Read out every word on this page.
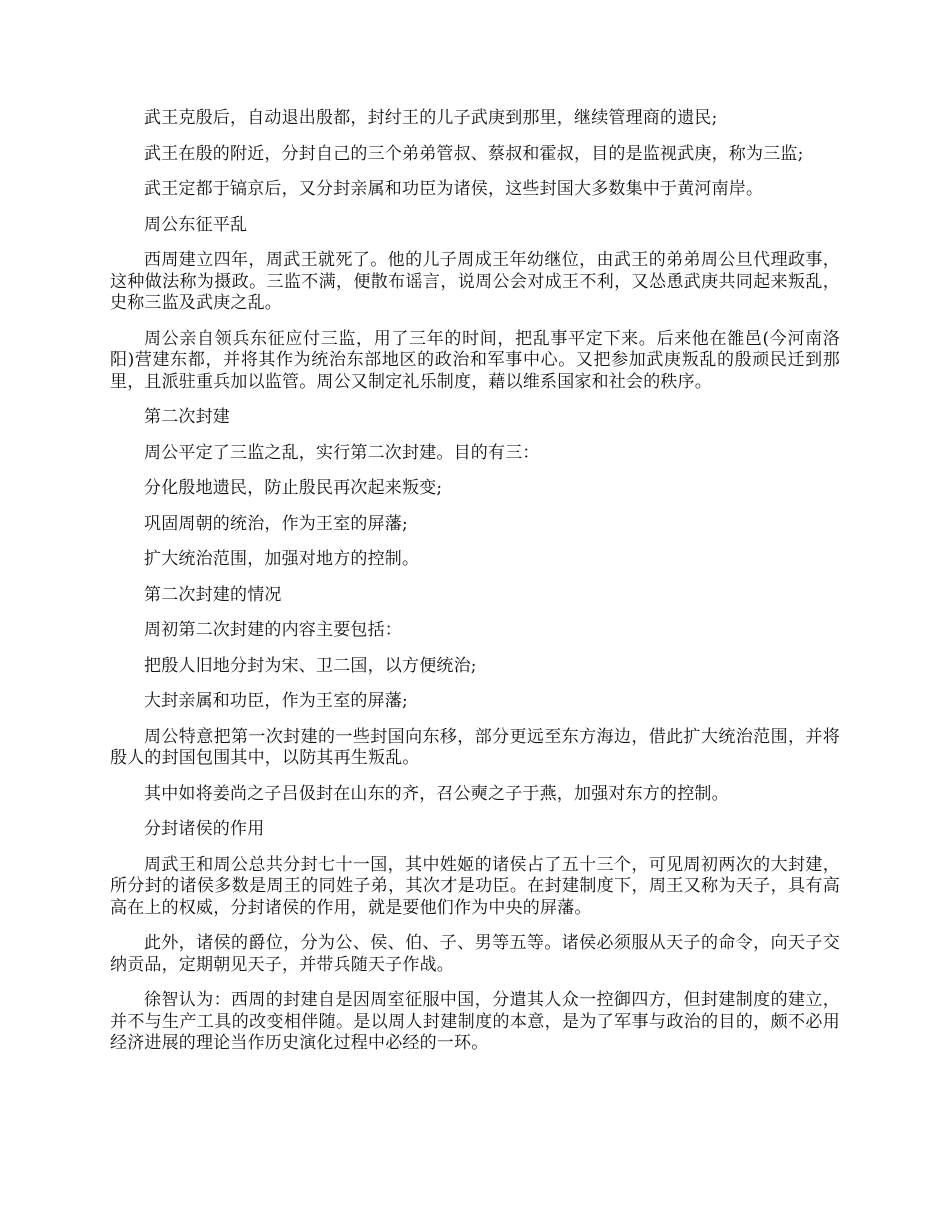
武王克殷后，自动退出殷都，封纣王的儿子武庚到那里，继续管理商的遗民;

武王在殷的附近，分封自己的三个弟弟管叔、蔡叔和霍叔，目的是监视武庚，称为三监;

武王定都于镐京后，又分封亲属和功臣为诸侯，这些封国大多数集中于黄河南岸。

周公东征平乱

西周建立四年，周武王就死了。他的儿子周成王年幼继位，由武王的弟弟周公旦代理政事，这种做法称为摄政。三监不满，便散布谣言，说周公会对成王不利，又怂恿武庚共同起来叛乱，史称三监及武庚之乱。

周公亲自领兵东征应付三监，用了三年的时间，把乱事平定下来。后来他在雒邑(今河南洛阳)营建东都，并将其作为统治东部地区的政治和军事中心。又把参加武庚叛乱的殷顽民迁到那里，且派驻重兵加以监管。周公又制定礼乐制度，藉以维系国家和社会的秩序。

第二次封建

周公平定了三监之乱，实行第二次封建。目的有三：

分化殷地遗民，防止殷民再次起来叛变;

巩固周朝的统治，作为王室的屏藩;

扩大统治范围，加强对地方的控制。

第二次封建的情况

周初第二次封建的内容主要包括：

把殷人旧地分封为宋、卫二国，以方便统治;

大封亲属和功臣，作为王室的屏藩;

周公特意把第一次封建的一些封国向东移，部分更远至东方海边，借此扩大统治范围，并将殷人的封国包围其中，以防其再生叛乱。

其中如将姜尚之子吕伋封在山东的齐，召公奭之子于燕，加强对东方的控制。

分封诸侯的作用

周武王和周公总共分封七十一国，其中姓姬的诸侯占了五十三个，可见周初两次的大封建，所分封的诸侯多数是周王的同姓子弟，其次才是功臣。在封建制度下，周王又称为天子，具有高高在上的权威，分封诸侯的作用，就是要他们作为中央的屏藩。

此外，诸侯的爵位，分为公、侯、伯、子、男等五等。诸侯必须服从天子的命令，向天子交纳贡品，定期朝见天子，并带兵随天子作战。

徐智认为：西周的封建自是因周室征服中国，分遣其人众一控御四方，但封建制度的建立，并不与生产工具的改变相伴随。是以周人封建制度的本意，是为了军事与政治的目的，颇不必用经济进展的理论当作历史演化过程中必经的一环。
